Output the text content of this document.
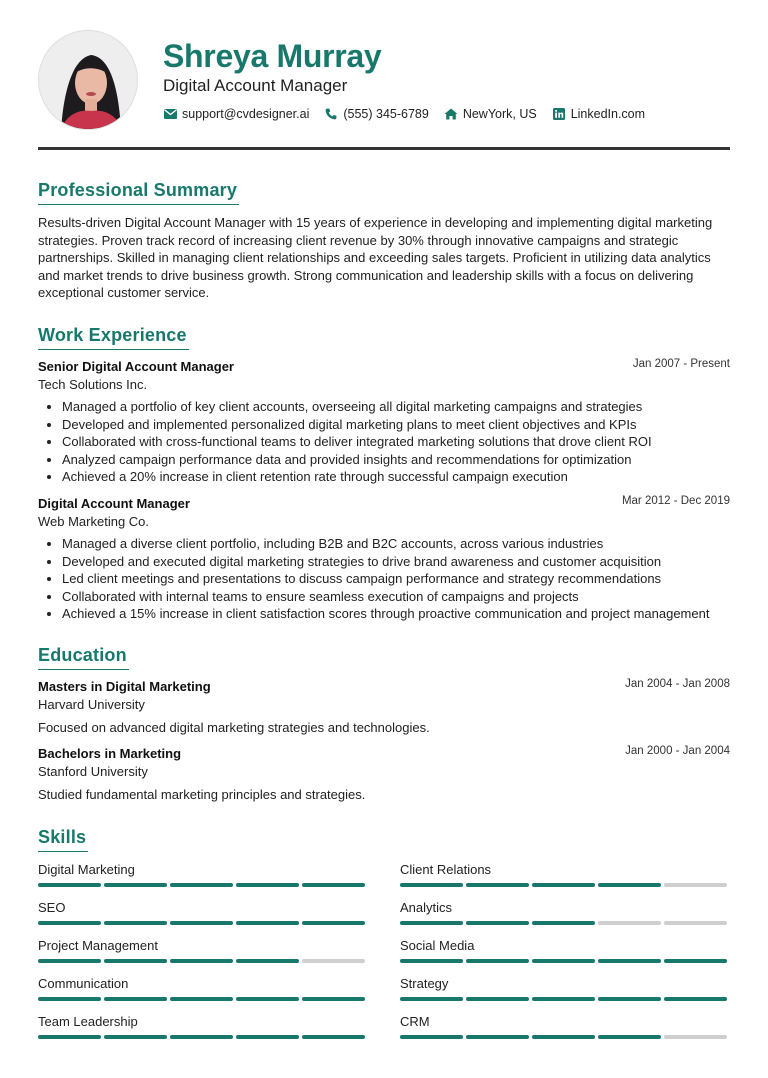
Shreya Murray
Digital Account Manager
support@cvdesigner.ai	(555) 345-6789	NewYork, US	LinkedIn.com
Professional Summary
Results-driven Digital Account Manager with 15 years of experience in developing and implementing digital marketing strategies. Proven track record of increasing client revenue by 30% through innovative campaigns and strategic partnerships. Skilled in managing client relationships and exceeding sales targets. Proficient in utilizing data analytics and market trends to drive business growth. Strong communication and leadership skills with a focus on delivering exceptional customer service.
Work Experience
Senior Digital Account Manager	Jan 2007 - Present
Tech Solutions Inc.
• Managed a portfolio of key client accounts, overseeing all digital marketing campaigns and strategies
• Developed and implemented personalized digital marketing plans to meet client objectives and KPIs
• Collaborated with cross-functional teams to deliver integrated marketing solutions that drove client ROI
• Analyzed campaign performance data and provided insights and recommendations for optimization
• Achieved a 20% increase in client retention rate through successful campaign execution
Digital Account Manager	Mar 2012 - Dec 2019
Web Marketing Co.
• Managed a diverse client portfolio, including B2B and B2C accounts, across various industries
• Developed and executed digital marketing strategies to drive brand awareness and customer acquisition
• Led client meetings and presentations to discuss campaign performance and strategy recommendations
• Collaborated with internal teams to ensure seamless execution of campaigns and projects
• Achieved a 15% increase in client satisfaction scores through proactive communication and project management
Education
Masters in Digital Marketing	Jan 2004 - Jan 2008
Harvard University
Focused on advanced digital marketing strategies and technologies.
Bachelors in Marketing	Jan 2000 - Jan 2004
Stanford University
Studied fundamental marketing principles and strategies.
Skills
Digital Marketing
SEO
Project Management
Communication
Team Leadership
Client Relations
Analytics
Social Media
Strategy
CRM
